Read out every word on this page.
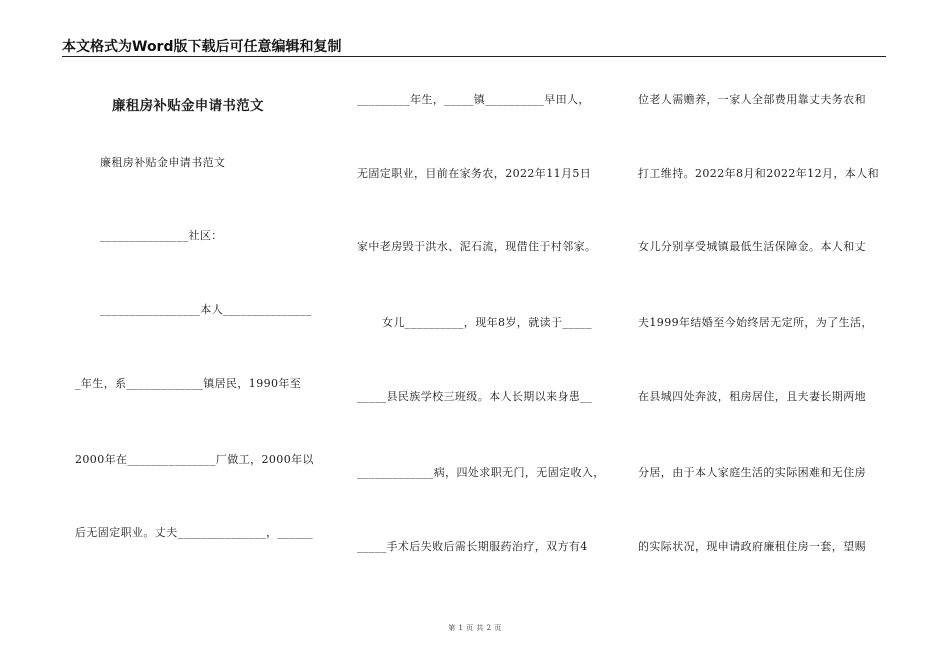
本文格式为Word版下载后可任意编辑和复制
廉租房补贴金申请书范文
廉租房补贴金申请书范文
_______________社区：
_________________本人_______________
_年生，系_____________镇居民，1990年至
2000年在_______________厂做工，2000年以
后无固定职业。丈夫_______________，______
_________年生，_____镇__________早田人，
无固定职业，目前在家务农，2022年11月5日
家中老房毁于洪水、泥石流，现借住于村邻家。
女儿__________，现年8岁，就读于_____
_____县民族学校三班级。本人长期以来身患__
_____________病，四处求职无门，无固定收入，
_____手术后失败后需长期服药治疗，双方有4
位老人需赡养，一家人全部费用靠丈夫务农和
打工维持。2022年8月和2022年12月，本人和
女儿分别享受城镇最低生活保障金。本人和丈
夫1999年结婚至今始终居无定所，为了生活，
在县城四处奔波，租房居住，且夫妻长期两地
分居，由于本人家庭生活的实际困难和无住房
的实际状况，现申请政府廉租住房一套，望赐
第 1 页 共 2 页
